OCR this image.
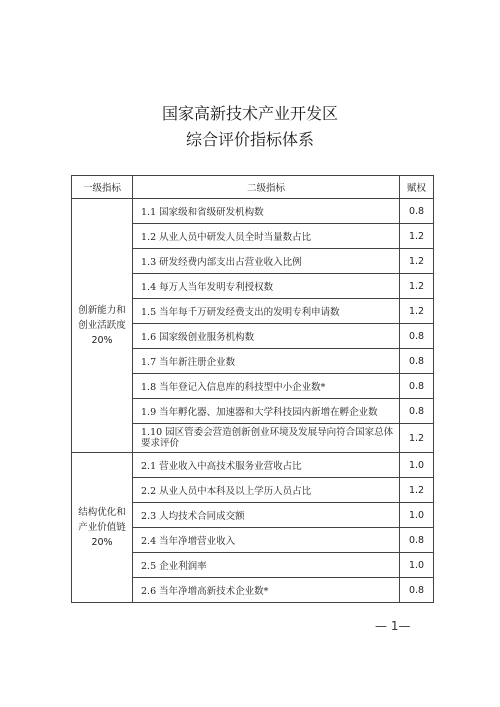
国家高新技术产业开发区
综合评价指标体系
一级指标	二级指标	赋权

创新能力和
创业活跃度
20%	1.1 国家级和省级研发机构数	0.8
	1.2 从业人员中研发人员全时当量数占比	1.2
	1.3 研发经费内部支出占营业收入比例	1.2
	1.4 每万人当年发明专利授权数	1.2
	1.5 当年每千万研发经费支出的发明专利申请数	1.2
	1.6 国家级创业服务机构数	0.8
	1.7 当年新注册企业数	0.8
	1.8 当年登记入信息库的科技型中小企业数*	0.8
	1.9 当年孵化器、加速器和大学科技园内新增在孵企业数	0.8
	1.10 园区管委会营造创新创业环境及发展导向符合国家总体要求评价	1.2

结构优化和
产业价值链
20%	2.1 营业收入中高技术服务业营收占比	1.0
	2.2 从业人员中本科及以上学历人员占比	1.2
	2.3 人均技术合同成交额	1.0
	2.4 当年净增营业收入	0.8
	2.5 企业利润率	1.0
	2.6 当年净增高新技术企业数*	0.8
— 1—
